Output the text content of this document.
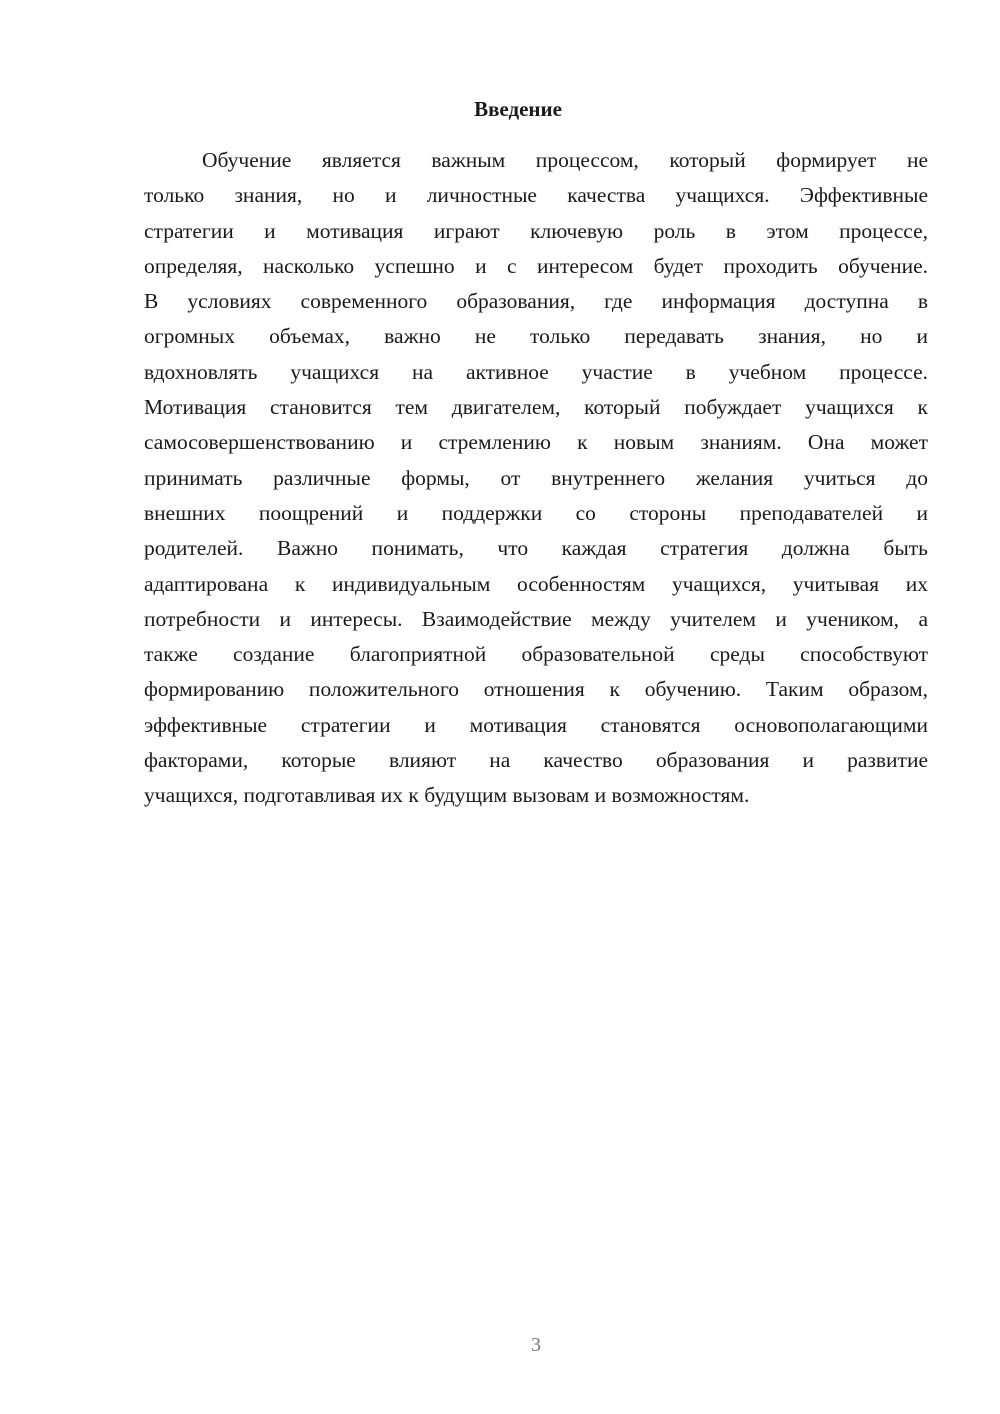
Введение
Обучение является важным процессом, который формирует не
только знания, но и личностные качества учащихся. Эффективные
стратегии и мотивация играют ключевую роль в этом процессе,
определяя, насколько успешно и с интересом будет проходить обучение.
В условиях современного образования, где информация доступна в
огромных объемах, важно не только передавать знания, но и
вдохновлять учащихся на активное участие в учебном процессе.
Мотивация становится тем двигателем, который побуждает учащихся к
самосовершенствованию и стремлению к новым знаниям. Она может
принимать различные формы, от внутреннего желания учиться до
внешних поощрений и поддержки со стороны преподавателей и
родителей. Важно понимать, что каждая стратегия должна быть
адаптирована к индивидуальным особенностям учащихся, учитывая их
потребности и интересы. Взаимодействие между учителем и учеником, а
также создание благоприятной образовательной среды способствуют
формированию положительного отношения к обучению. Таким образом,
эффективные стратегии и мотивация становятся основополагающими
факторами, которые влияют на качество образования и развитие
учащихся, подготавливая их к будущим вызовам и возможностям.
3
